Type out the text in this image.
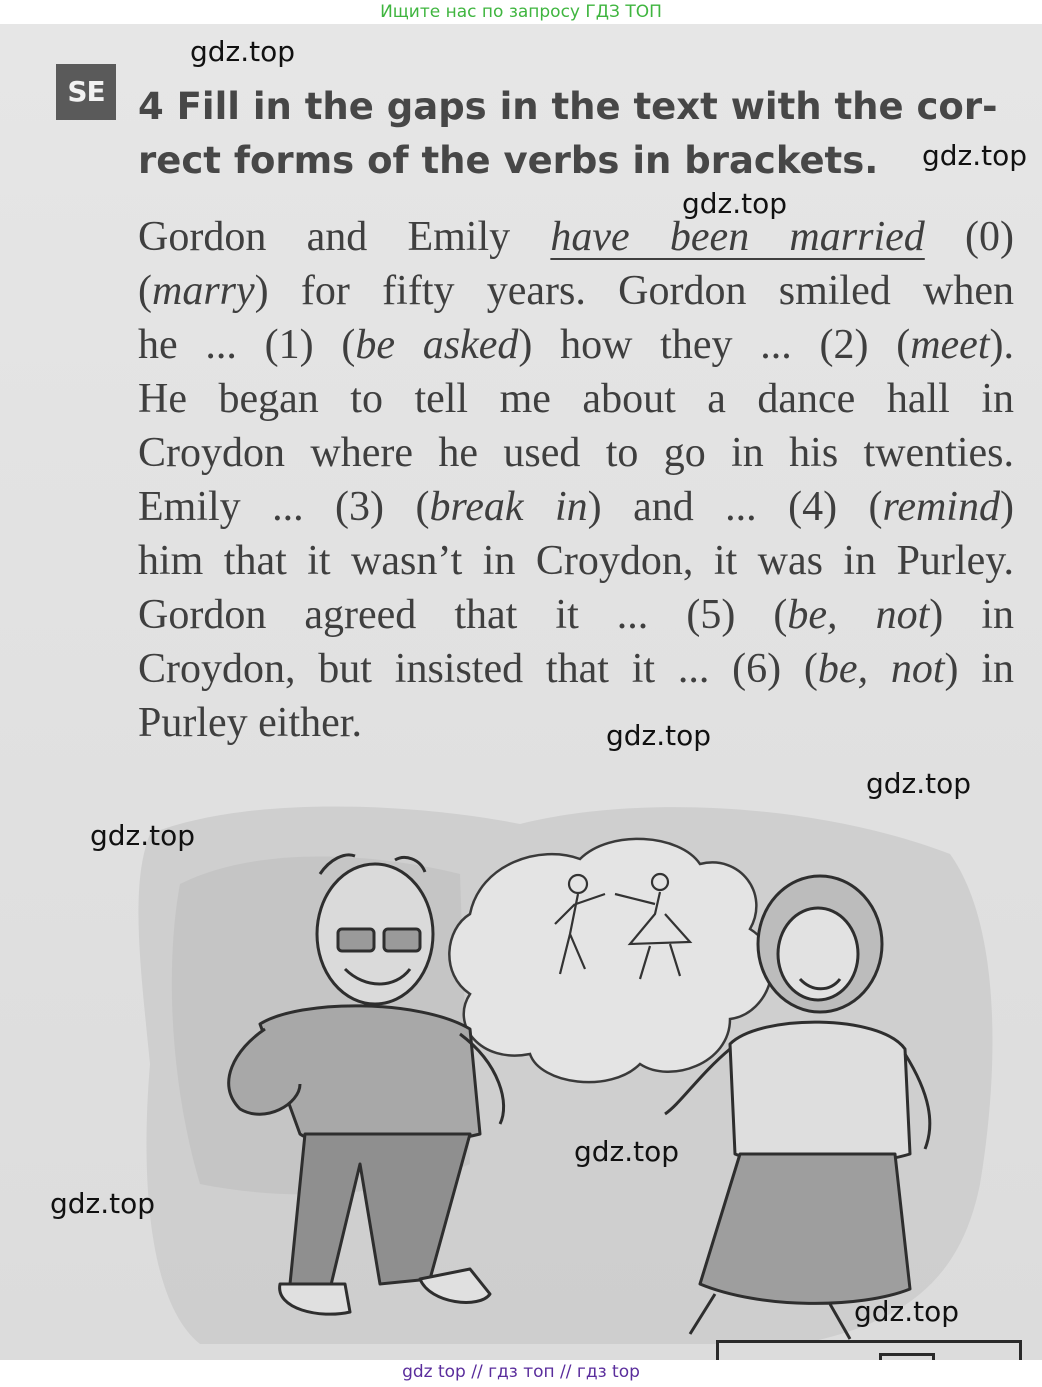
Ищите нас по запросу ГДЗ ТОП
SE 4 Fill in the gaps in the text with the cor-
rect forms of the verbs in brackets.

Gordon and Emily have been married (0)
(marry) for fifty years. Gordon smiled when
he ... (1) (be asked) how they ... (2) (meet).
He began to tell me about a dance hall in
Croydon where he used to go in his twenties.
Emily ... (3) (break in) and ... (4) (remind)
him that it wasn’t in Croydon, it was in Purley.
Gordon agreed that it ... (5) (be, not) in
Croydon, but insisted that it ... (6) (be, not) in
Purley either.
gdz.top
gdz.top
gdz.top
gdz.top
gdz.top
gdz.top
gdz.top
gdz.top
gdz.top
gdz top // гдз топ // гдз top
